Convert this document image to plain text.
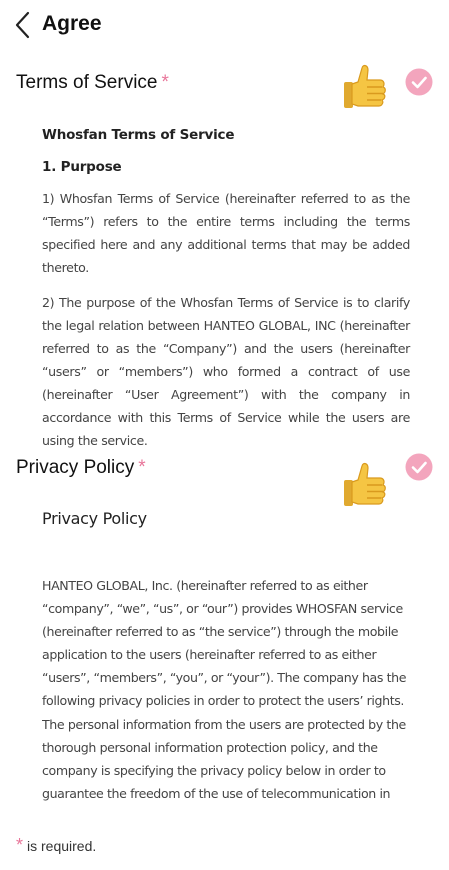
Agree
Terms of Service *
Whosfan Terms of Service
1. Purpose
1) Whosfan Terms of Service (hereinafter referred to as the “Terms”) refers to the entire terms including the terms specified here and any additional terms that may be added thereto.
2) The purpose of the Whosfan Terms of Service is to clarify the legal relation between HANTEO GLOBAL, INC (hereinafter referred to as the “Company”) and the users (hereinafter “users” or “members”) who formed a contract of use (hereinafter “User Agreement”) with the company in accordance with this Terms of Service while the users are using the service.
Privacy Policy *
Privacy Policy
HANTEO GLOBAL, Inc. (hereinafter referred to as either “company”, “we”, “us”, or “our”) provides WHOSFAN service (hereinafter referred to as “the service”) through the mobile application to the users (hereinafter referred to as either “users”, “members”, “you”, or “your”). The company has the following privacy policies in order to protect the users’ rights. The personal information from the users are protected by the thorough personal information protection policy, and the company is specifying the privacy policy below in order to guarantee the freedom of the use of telecommunication in
* is required.
